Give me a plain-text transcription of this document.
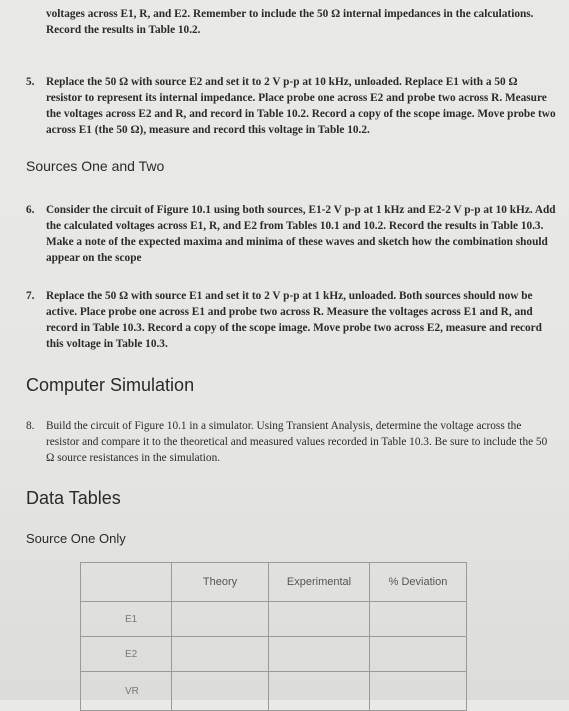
voltages across E1, R, and E2. Remember to include the 50 Ω internal impedances in the calculations. Record the results in Table 10.2.
5. Replace the 50 Ω with source E2 and set it to 2 V p-p at 10 kHz, unloaded. Replace E1 with a 50 Ω resistor to represent its internal impedance. Place probe one across E2 and probe two across R. Measure the voltages across E2 and R, and record in Table 10.2. Record a copy of the scope image. Move probe two across E1 (the 50 Ω), measure and record this voltage in Table 10.2.
Sources One and Two
6. Consider the circuit of Figure 10.1 using both sources, E1-2 V p-p at 1 kHz and E2-2 V p-p at 10 kHz. Add the calculated voltages across E1, R, and E2 from Tables 10.1 and 10.2. Record the results in Table 10.3. Make a note of the expected maxima and minima of these waves and sketch how the combination should appear on the scope
7. Replace the 50 Ω with source E1 and set it to 2 V p-p at 1 kHz, unloaded. Both sources should now be active. Place probe one across E1 and probe two across R. Measure the voltages across E1 and R, and record in Table 10.3. Record a copy of the scope image. Move probe two across E2, measure and record this voltage in Table 10.3.
Computer Simulation
8. Build the circuit of Figure 10.1 in a simulator. Using Transient Analysis, determine the voltage across the resistor and compare it to the theoretical and measured values recorded in Table 10.3. Be sure to include the 50 Ω source resistances in the simulation.
Data Tables
Source One Only
	Theory	Experimental	% Deviation
E1			
E2			
VR			
